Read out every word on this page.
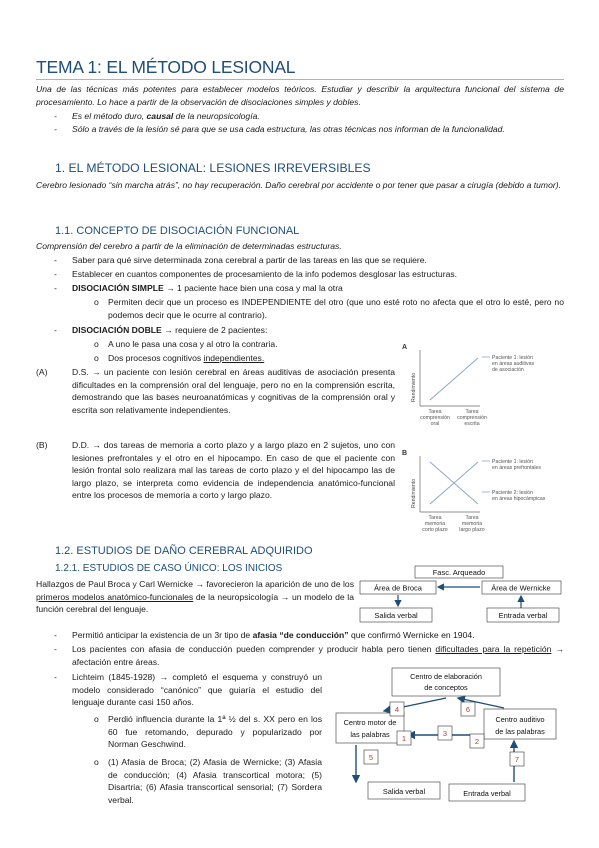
TEMA 1: EL MÉTODO LESIONAL
Una de las técnicas más potentes para establecer modelos teóricos. Estudiar y describir la arquitectura funcional del sistema de procesamiento. Lo hace a partir de la observación de disociaciones simples y dobles.
- Es el método duro, causal de la neuropsicología.
- Sólo a través de la lesión sé para que se usa cada estructura, las otras técnicas nos informan de la funcionalidad.
1. EL MÉTODO LESIONAL: LESIONES IRREVERSIBLES
Cerebro lesionado “sin marcha atrás”, no hay recuperación. Daño cerebral por accidente o por tener que pasar a cirugía (debido a tumor).
1.1. CONCEPTO DE DISOCIACIÓN FUNCIONAL
Comprensión del cerebro a partir de la eliminación de determinadas estructuras.
- Saber para qué sirve determinada zona cerebral a partir de las tareas en las que se requiere.
- Establecer en cuantos componentes de procesamiento de la info podemos desglosar las estructuras.
- DISOCIACIÓN SIMPLE → 1 paciente hace bien una cosa y mal la otra
o Permiten decir que un proceso es INDEPENDIENTE del otro (que uno esté roto no afecta que el otro lo esté, pero no podemos decir que le ocurre al contrario).
- DISOCIACIÓN DOBLE → requiere de 2 pacientes:
o A uno le pasa una cosa y al otro la contraria.
o Dos procesos cognitivos independientes.
(A)	D.S. → un paciente con lesión cerebral en áreas auditivas de asociación presenta dificultades en la comprensión oral del lenguaje, pero no en la comprensión escrita, demostrando que las bases neuroanatómicas y cognitivas de la comprensión oral y escrita son relativamente independientes.
(B)	D.D. → dos tareas de memoria a corto plazo y a largo plazo en 2 sujetos, uno con lesiones prefrontales y el otro en el hipocampo. En caso de que el paciente con lesión frontal solo realizara mal las tareas de corto plazo y el del hipocampo las de largo plazo, se interpreta como evidencia de independencia anatómico-funcional entre los procesos de memoria a corto y largo plazo.
A
Rendimiento
Paciente 1: lesión en áreas auditivas de asociación
Tarea comprensión oral
Tarea comprensión escrita
B
Rendimiento
Paciente 1: lesión en áreas prefrontales
Paciente 2: lesión en áreas hipocámpicas
Tarea memoria corto plazo
Tarea memoria largo plazo
1.2. ESTUDIOS DE DAÑO CEREBRAL ADQUIRIDO
1.2.1. ESTUDIOS DE CASO ÚNICO: LOS INICIOS
Hallazgos de Paul Broca y Carl Wernicke → favorecieron la aparición de uno de los primeros modelos anatómico-funcionales de la neuropsicología → un modelo de la función cerebral del lenguaje.
Fasc. Arqueado
Área de Broca	Área de Wernicke
Salida verbal	Entrada verbal
- Permitió anticipar la existencia de un 3r tipo de afasia “de conducción” que confirmó Wernicke en 1904.
- Los pacientes con afasia de conducción pueden comprender y producir habla pero tienen dificultades para la repetición → afectación entre áreas.
- Lichteim (1845-1928) → completó el esquema y construyó un modelo considerado “canónico” que guiaría el estudio del lenguaje durante casi 150 años.
o Perdió influencia durante la 1ª ½ del s. XX pero en los 60 fue retomando, depurado y popularizado por Norman Geschwind.
o (1) Afasia de Broca; (2) Afasia de Wernicke; (3) Afasia de conducción; (4) Afasia transcortical motora; (5) Disartria; (6) Afasia transcortical sensorial; (7) Sordera verbal.
Centro de elaboración de conceptos
Centro motor de las palabras
Centro auditivo de las palabras
1	2
3
4
5
6
7
Salida verbal	Entrada verbal
